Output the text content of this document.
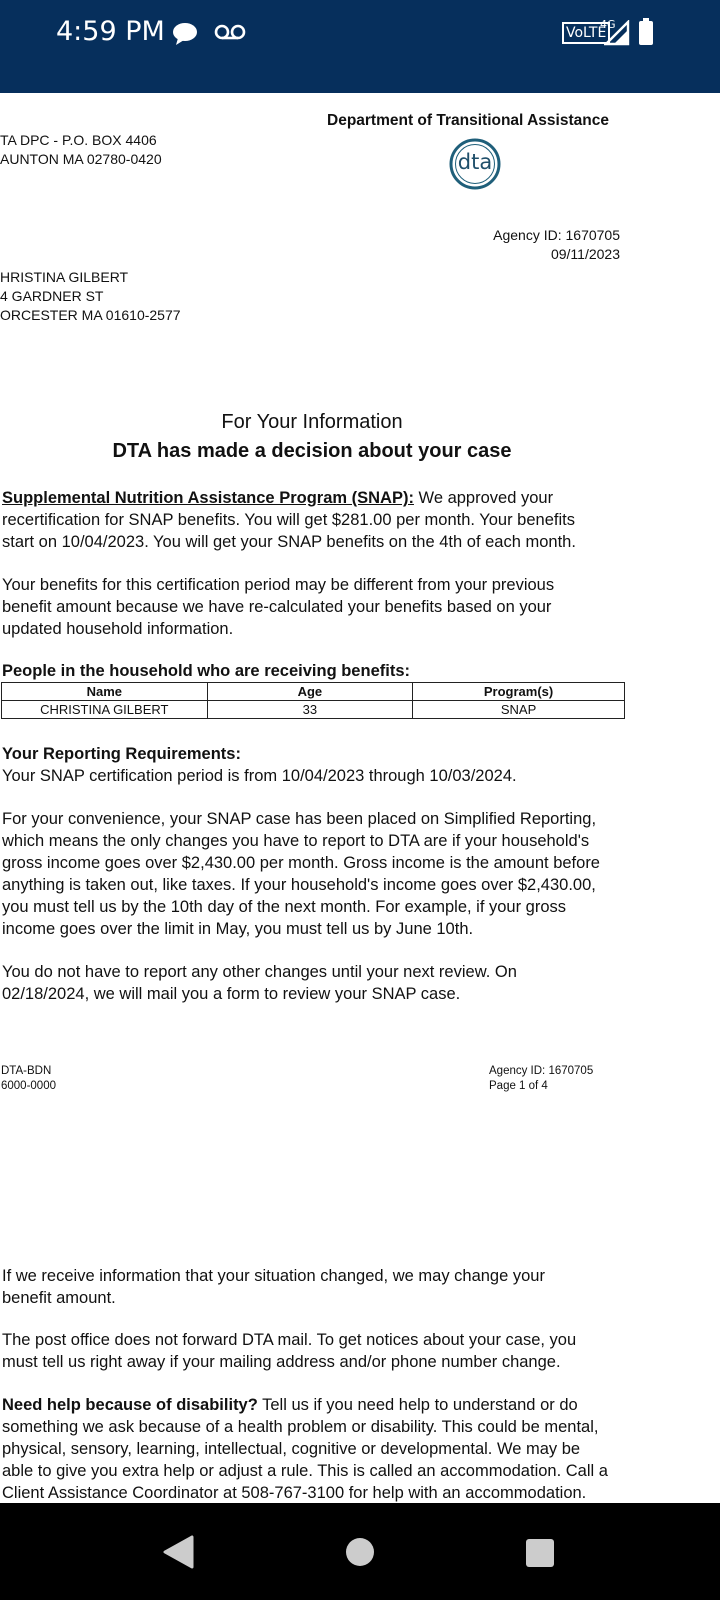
4:59 PM	VoLTE
4G
TA DPC - P.O. BOX 4406
AUNTON MA 02780-0420
Department of Transitional Assistance
dta
Agency ID: 1670705
09/11/2023
HRISTINA GILBERT
4 GARDNER ST
ORCESTER MA 01610-2577
For Your Information
DTA has made a decision about your case
Supplemental Nutrition Assistance Program (SNAP): We approved your
recertification for SNAP benefits. You will get $281.00 per month. Your benefits
start on 10/04/2023. You will get your SNAP benefits on the 4th of each month.
Your benefits for this certification period may be different from your previous
benefit amount because we have re-calculated your benefits based on your
updated household information.
People in the household who are receiving benefits:
Name	Age	Program(s)
CHRISTINA GILBERT	33	SNAP
Your Reporting Requirements:
Your SNAP certification period is from 10/04/2023 through 10/03/2024.
For your convenience, your SNAP case has been placed on Simplified Reporting,
which means the only changes you have to report to DTA are if your household's
gross income goes over $2,430.00 per month. Gross income is the amount before
anything is taken out, like taxes. If your household's income goes over $2,430.00,
you must tell us by the 10th day of the next month. For example, if your gross
income goes over the limit in May, you must tell us by June 10th.
You do not have to report any other changes until your next review. On
02/18/2024, we will mail you a form to review your SNAP case.
DTA-BDN
6000-0000
Agency ID: 1670705
Page 1 of 4
If we receive information that your situation changed, we may change your
benefit amount.
The post office does not forward DTA mail. To get notices about your case, you
must tell us right away if your mailing address and/or phone number change.
Need help because of disability? Tell us if you need help to understand or do
something we ask because of a health problem or disability. This could be mental,
physical, sensory, learning, intellectual, cognitive or developmental. We may be
able to give you extra help or adjust a rule. This is called an accommodation. Call a
Client Assistance Coordinator at 508-767-3100 for help with an accommodation.
